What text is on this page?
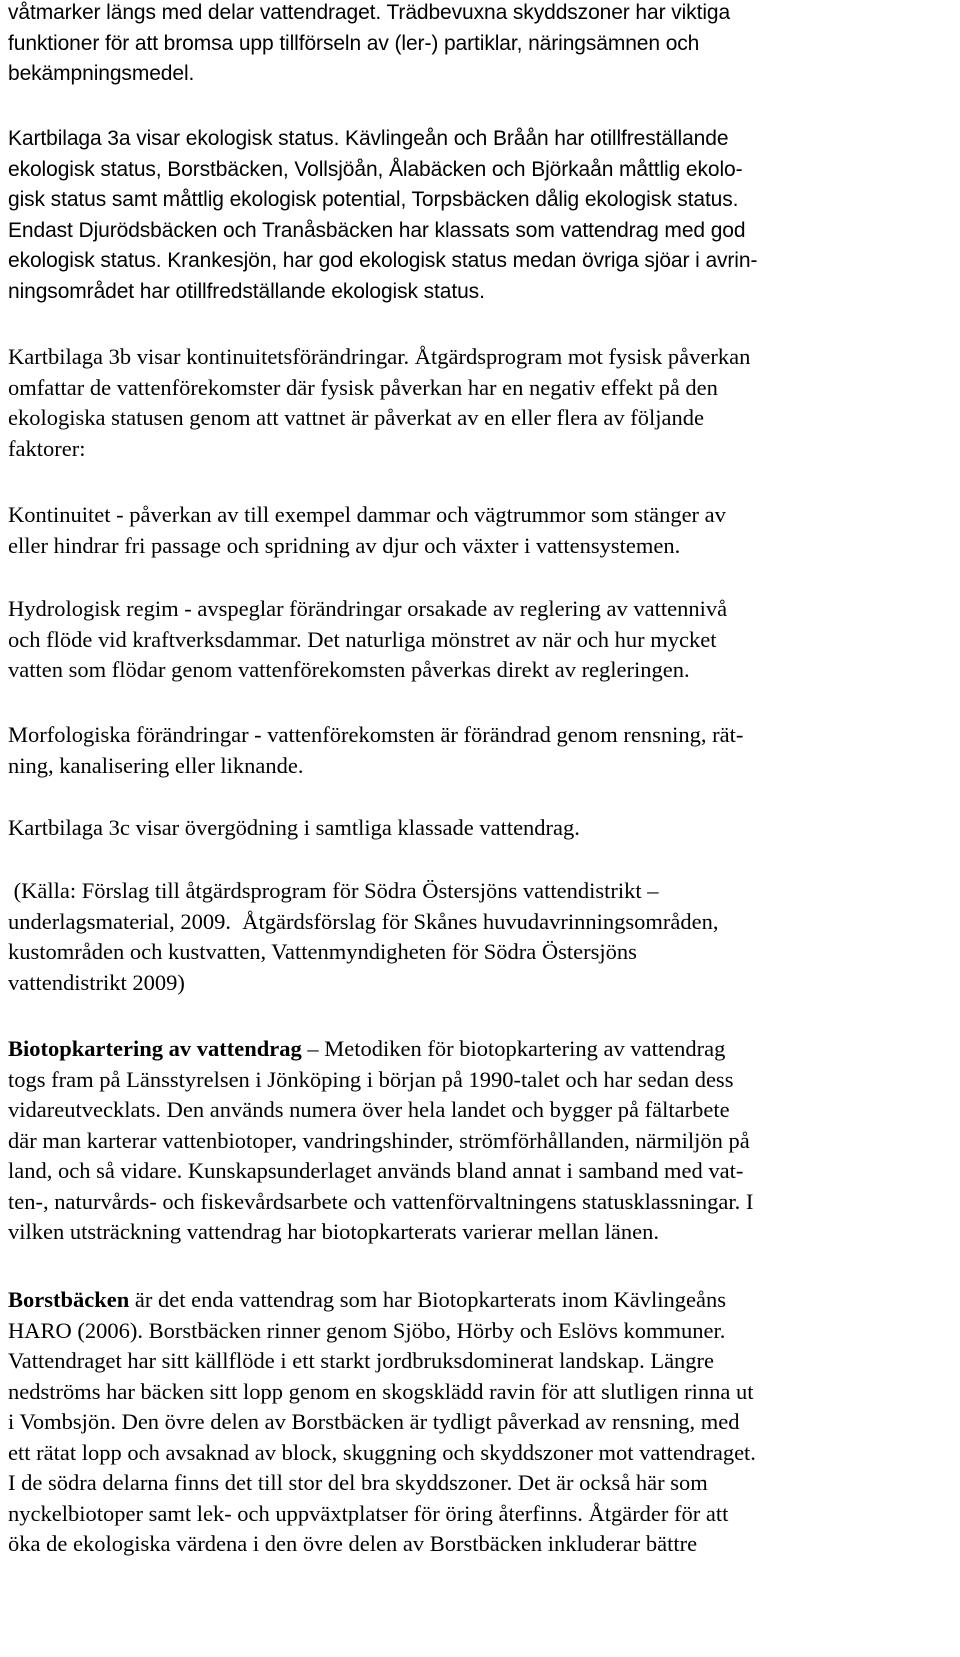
våtmarker längs med delar vattendraget. Trädbevuxna skyddszoner har viktiga
funktioner för att bromsa upp tillförseln av (ler-) partiklar, näringsämnen och
bekämpningsmedel.
Kartbilaga 3a visar ekologisk status. Kävlingeån och Bråån har otillfreställande
ekologisk status, Borstbäcken, Vollsjöån, Ålabäcken och Björkaån måttlig ekolo-
gisk status samt måttlig ekologisk potential, Torpsbäcken dålig ekologisk status.
Endast Djurödsbäcken och Tranåsbäcken har klassats som vattendrag med god
ekologisk status. Krankesjön, har god ekologisk status medan övriga sjöar i avrin-
ningsområdet har otillfredställande ekologisk status.
Kartbilaga 3b visar kontinuitetsförändringar. Åtgärdsprogram mot fysisk påverkan
omfattar de vattenförekomster där fysisk påverkan har en negativ effekt på den
ekologiska statusen genom att vattnet är påverkat av en eller flera av följande
faktorer:
Kontinuitet - påverkan av till exempel dammar och vägtrummor som stänger av
eller hindrar fri passage och spridning av djur och växter i vattensystemen.
Hydrologisk regim - avspeglar förändringar orsakade av reglering av vattennivå
och flöde vid kraftverksdammar. Det naturliga mönstret av när och hur mycket
vatten som flödar genom vattenförekomsten påverkas direkt av regleringen.
Morfologiska förändringar - vattenförekomsten är förändrad genom rensning, rät-
ning, kanalisering eller liknande.
Kartbilaga 3c visar övergödning i samtliga klassade vattendrag.
(Källa: Förslag till åtgärdsprogram för Södra Östersjöns vattendistrikt –
underlagsmaterial, 2009.  Åtgärdsförslag för Skånes huvudavrinningsområden,
kustområden och kustvatten, Vattenmyndigheten för Södra Östersjöns
vattendistrikt 2009)
Biotopkartering av vattendrag – Metodiken för biotopkartering av vattendrag
togs fram på Länsstyrelsen i Jönköping i början på 1990-talet och har sedan dess
vidareutvecklats. Den används numera över hela landet och bygger på fältarbete
där man karterar vattenbiotoper, vandringshinder, strömförhållanden, närmiljön på
land, och så vidare. Kunskapsunderlaget används bland annat i samband med vat-
ten-, naturvårds- och fiskevårdsarbete och vattenförvaltningens statusklassningar. I
vilken utsträckning vattendrag har biotopkarterats varierar mellan länen.
Borstbäcken är det enda vattendrag som har Biotopkarterats inom Kävlingeåns
HARO (2006). Borstbäcken rinner genom Sjöbo, Hörby och Eslövs kommuner.
Vattendraget har sitt källflöde i ett starkt jordbruksdominerat landskap. Längre
nedströms har bäcken sitt lopp genom en skogsklädd ravin för att slutligen rinna ut
i Vombsjön. Den övre delen av Borstbäcken är tydligt påverkad av rensning, med
ett rätat lopp och avsaknad av block, skuggning och skyddszoner mot vattendraget.
I de södra delarna finns det till stor del bra skyddszoner. Det är också här som
nyckelbiotoper samt lek- och uppväxtplatser för öring återfinns. Åtgärder för att
öka de ekologiska värdena i den övre delen av Borstbäcken inkluderar bättre
